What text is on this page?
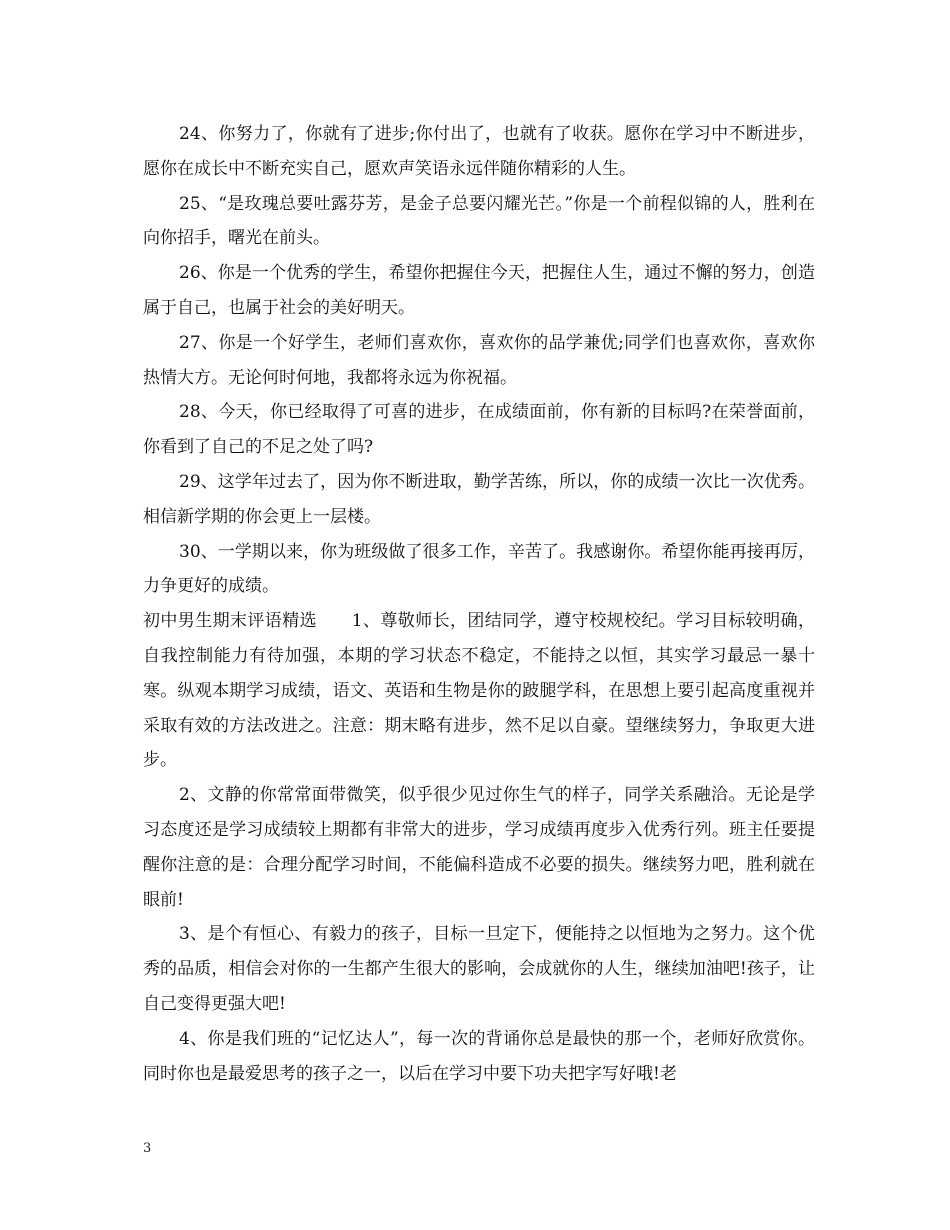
24、你努力了，你就有了进步;你付出了，也就有了收获。愿你在学习中不断进步，愿你在成长中不断充实自己，愿欢声笑语永远伴随你精彩的人生。

25、“是玫瑰总要吐露芬芳，是金子总要闪耀光芒。”你是一个前程似锦的人，胜利在向你招手，曙光在前头。

26、你是一个优秀的学生，希望你把握住今天，把握住人生，通过不懈的努力，创造属于自己，也属于社会的美好明天。

27、你是一个好学生，老师们喜欢你，喜欢你的品学兼优;同学们也喜欢你，喜欢你热情大方。无论何时何地，我都将永远为你祝福。

28、今天，你已经取得了可喜的进步，在成绩面前，你有新的目标吗?在荣誉面前，你看到了自己的不足之处了吗?

29、这学年过去了，因为你不断进取，勤学苦练，所以，你的成绩一次比一次优秀。相信新学期的你会更上一层楼。

30、一学期以来，你为班级做了很多工作，辛苦了。我感谢你。希望你能再接再厉，力争更好的成绩。

初中男生期末评语精选　　1、尊敬师长，团结同学，遵守校规校纪。学习目标较明确，自我控制能力有待加强，本期的学习状态不稳定，不能持之以恒，其实学习最忌一暴十寒。纵观本期学习成绩，语文、英语和生物是你的跛腿学科，在思想上要引起高度重视并采取有效的方法改进之。注意：期末略有进步，然不足以自豪。望继续努力，争取更大进步。

2、文静的你常常面带微笑，似乎很少见过你生气的样子，同学关系融洽。无论是学习态度还是学习成绩较上期都有非常大的进步，学习成绩再度步入优秀行列。班主任要提醒你注意的是：合理分配学习时间，不能偏科造成不必要的损失。继续努力吧，胜利就在眼前!

3、是个有恒心、有毅力的孩子，目标一旦定下，便能持之以恒地为之努力。这个优秀的品质，相信会对你的一生都产生很大的影响，会成就你的人生，继续加油吧!孩子，让自己变得更强大吧!

4、你是我们班的“记忆达人”，每一次的背诵你总是最快的那一个，老师好欣赏你。同时你也是最爱思考的孩子之一，以后在学习中要下功夫把字写好哦!老

3
